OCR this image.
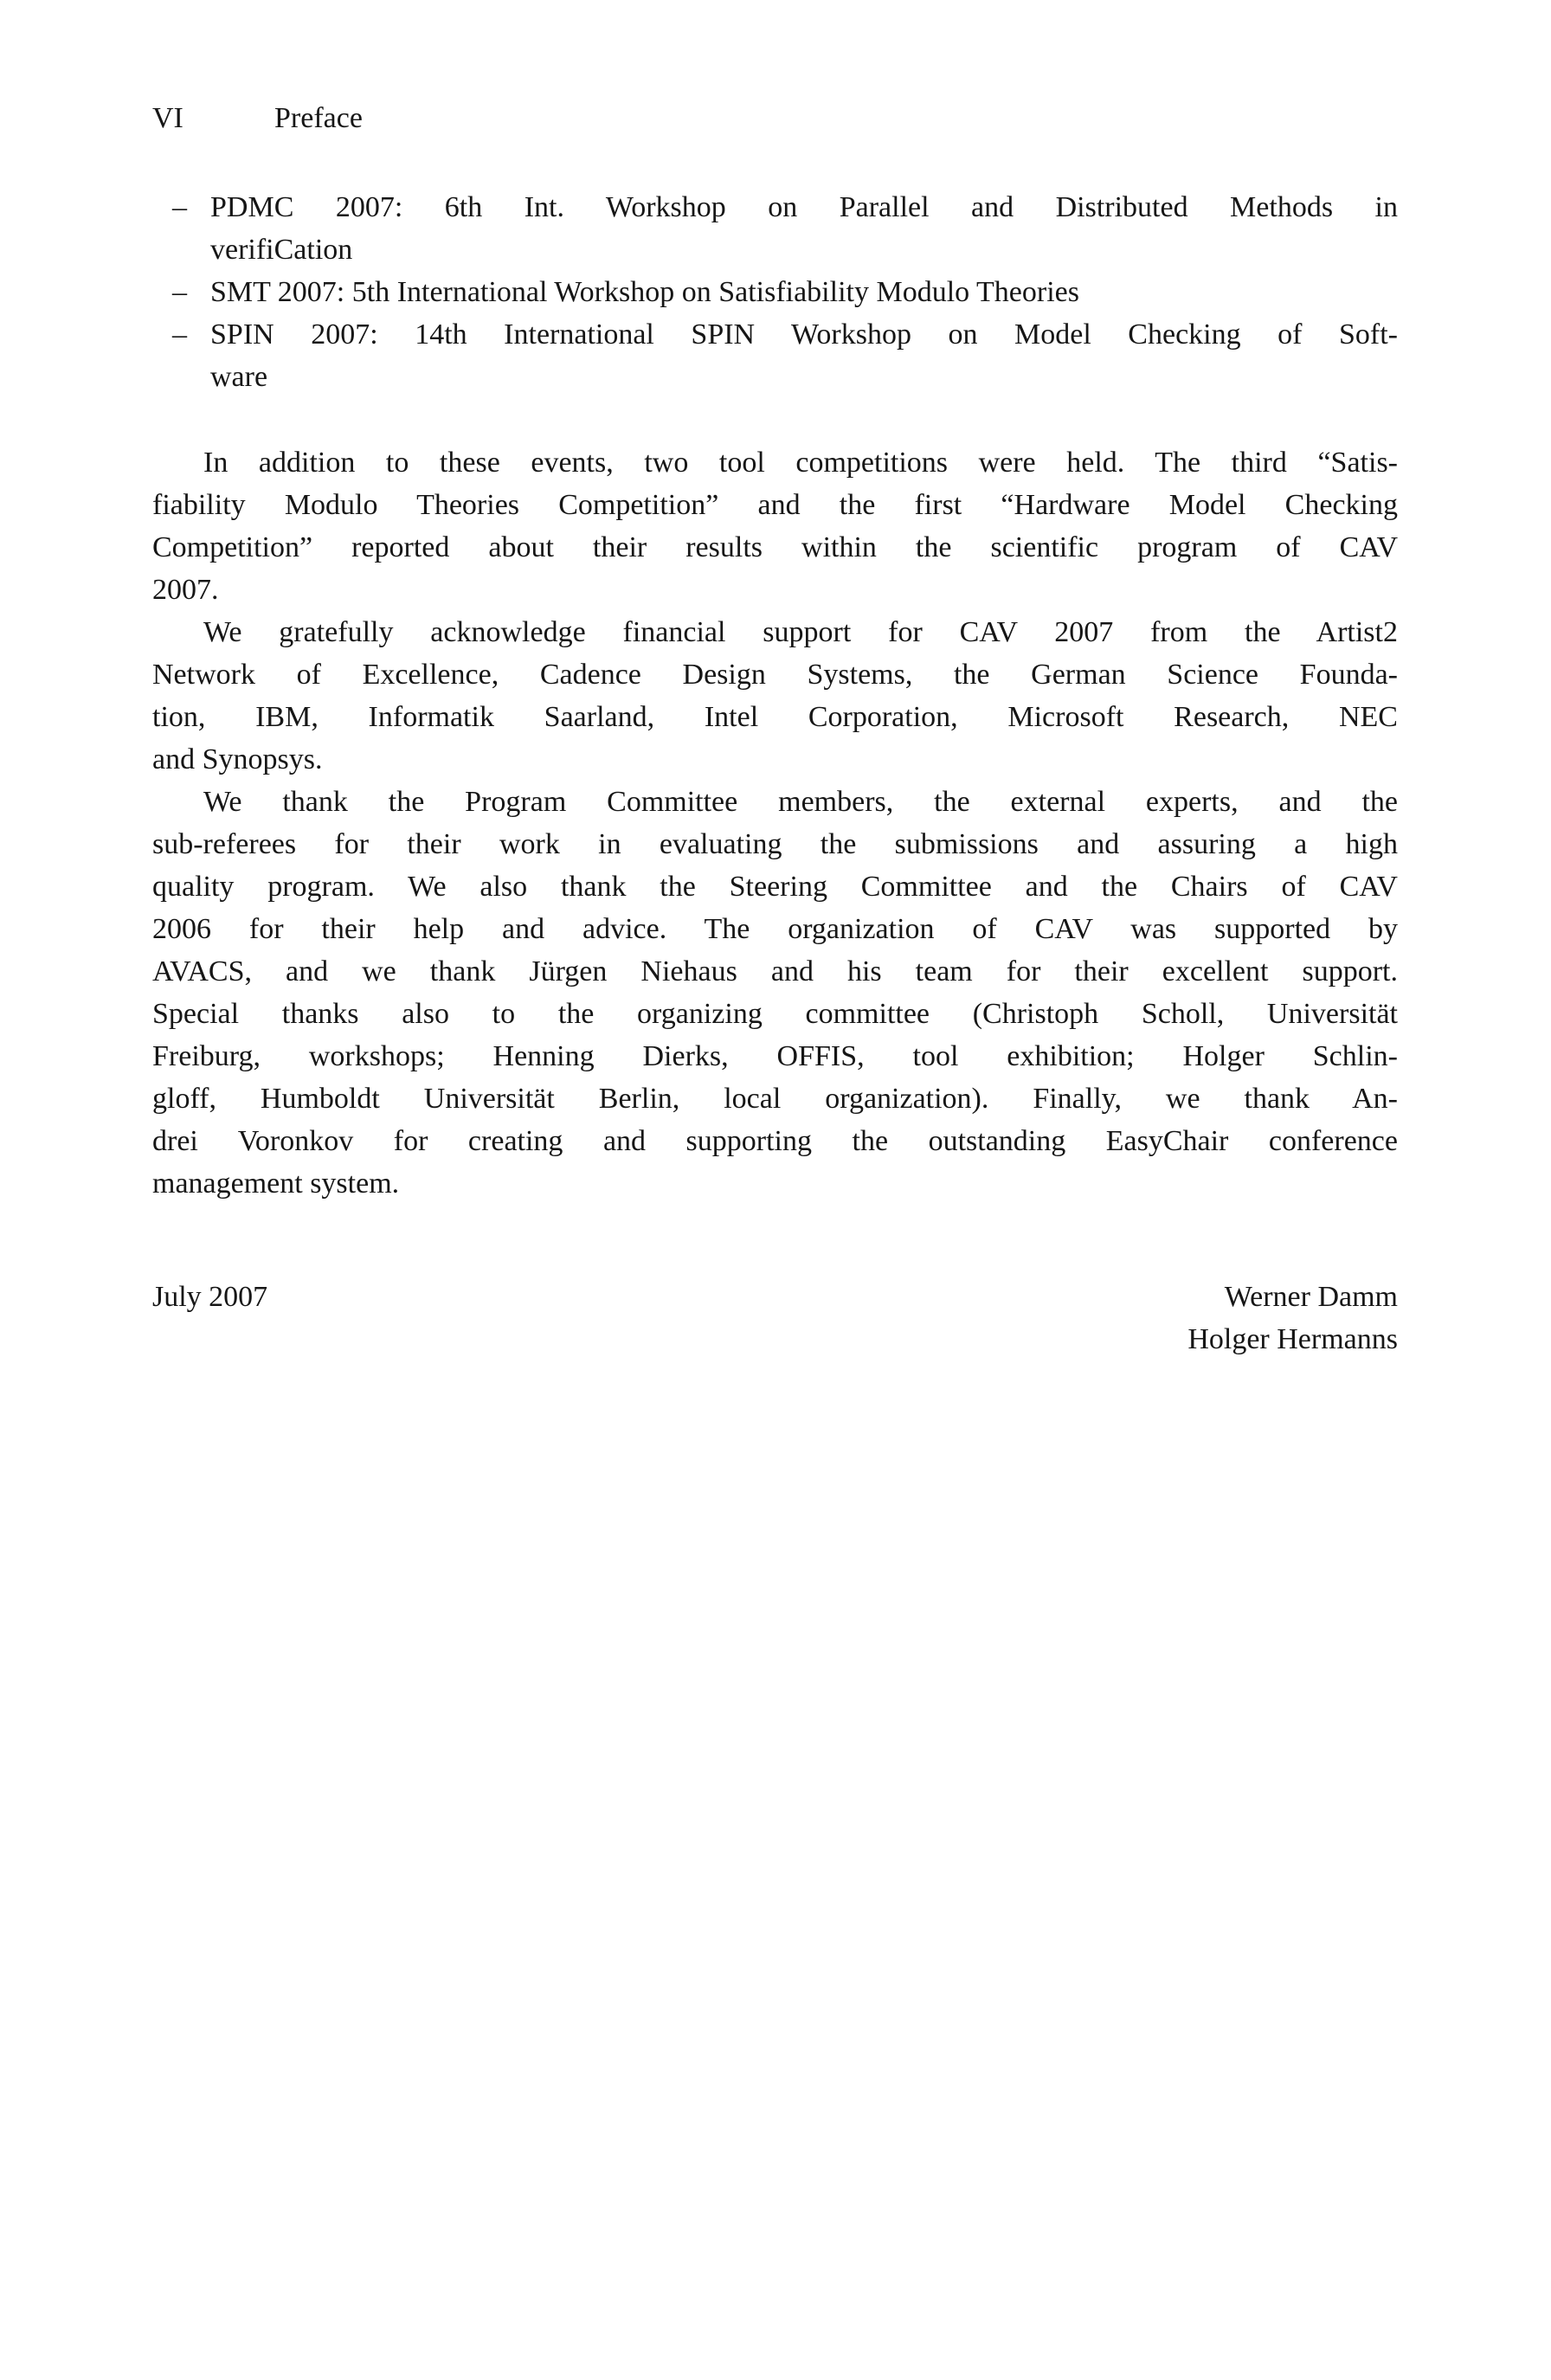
VI	Preface
– PDMC 2007: 6th Int. Workshop on Parallel and Distributed Methods in
verifiCation
– SMT 2007: 5th International Workshop on Satisfiability Modulo Theories
– SPIN 2007: 14th International SPIN Workshop on Model Checking of Soft-
ware
In addition to these events, two tool competitions were held. The third “Satis-
fiability Modulo Theories Competition” and the first “Hardware Model Checking
Competition” reported about their results within the scientific program of CAV
2007.
We gratefully acknowledge financial support for CAV 2007 from the Artist2
Network of Excellence, Cadence Design Systems, the German Science Founda-
tion, IBM, Informatik Saarland, Intel Corporation, Microsoft Research, NEC
and Synopsys.
We thank the Program Committee members, the external experts, and the
sub-referees for their work in evaluating the submissions and assuring a high
quality program. We also thank the Steering Committee and the Chairs of CAV
2006 for their help and advice. The organization of CAV was supported by
AVACS, and we thank Jürgen Niehaus and his team for their excellent support.
Special thanks also to the organizing committee (Christoph Scholl, Universität
Freiburg, workshops; Henning Dierks, OFFIS, tool exhibition; Holger Schlin-
gloff, Humboldt Universität Berlin, local organization). Finally, we thank An-
drei Voronkov for creating and supporting the outstanding EasyChair conference
management system.
July 2007	Werner Damm
Holger Hermanns
